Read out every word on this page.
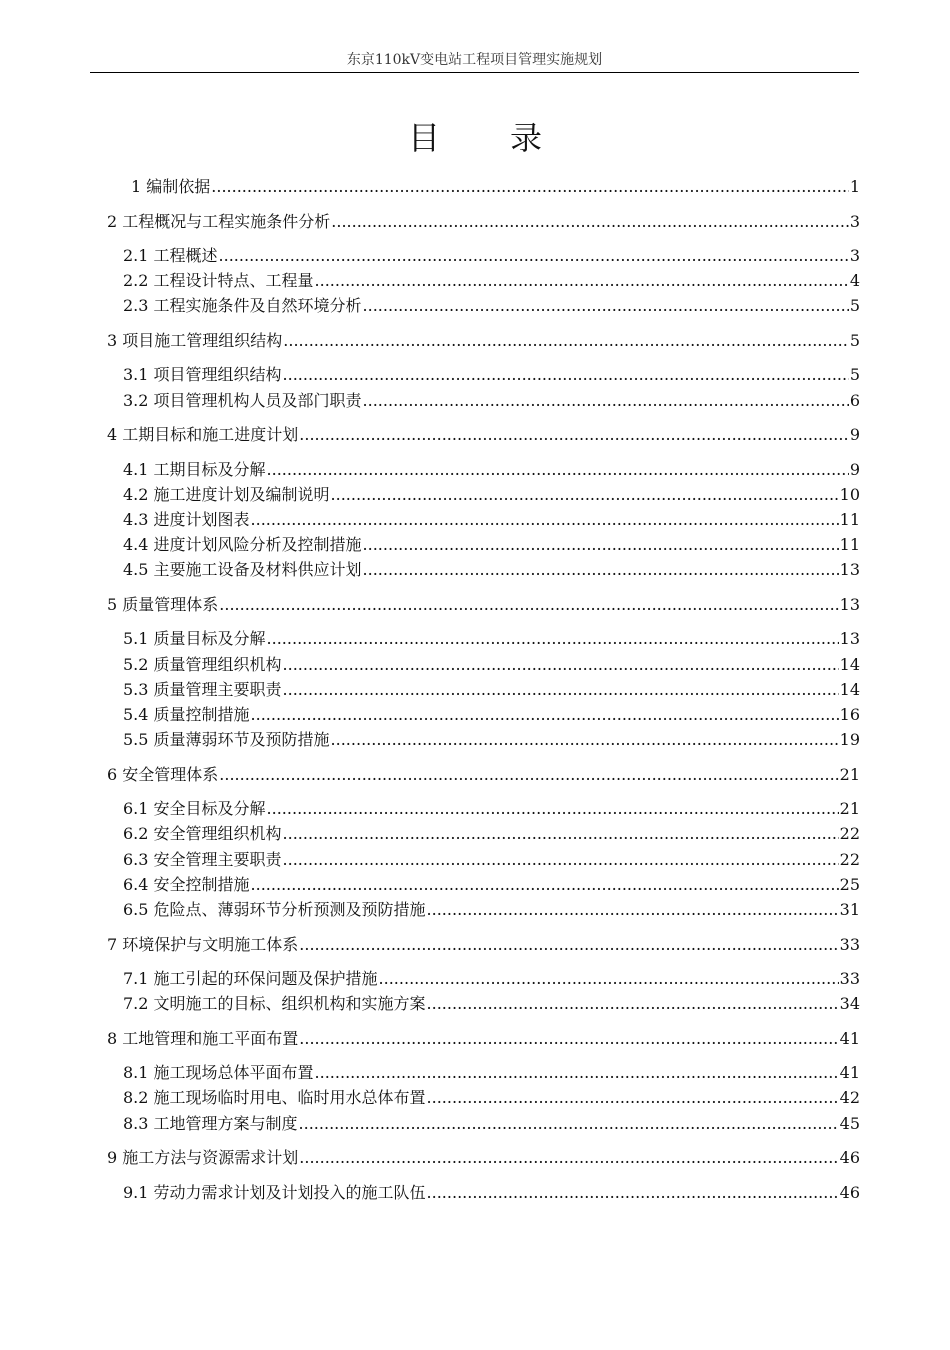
东京110kV变电站工程项目管理实施规划
目录
1 编制依据 .....	1
2 工程概况与工程实施条件分析 .....	3
2.1 工程概述 .....	3
2.2 工程设计特点、工程量 .....	4
2.3 工程实施条件及自然环境分析 .....	5
3 项目施工管理组织结构 .....	5
3.1 项目管理组织结构 .....	5
3.2 项目管理机构人员及部门职责 .....	6
4 工期目标和施工进度计划 .....	9
4.1 工期目标及分解 .....	9
4.2 施工进度计划及编制说明 .....	10
4.3 进度计划图表 .....	11
4.4 进度计划风险分析及控制措施 .....	11
4.5 主要施工设备及材料供应计划 .....	13
5 质量管理体系 .....	13
5.1 质量目标及分解 .....	13
5.2 质量管理组织机构 .....	14
5.3 质量管理主要职责 .....	14
5.4 质量控制措施 .....	16
5.5 质量薄弱环节及预防措施 .....	19
6 安全管理体系 .....	21
6.1 安全目标及分解 .....	21
6.2 安全管理组织机构 .....	22
6.3 安全管理主要职责 .....	22
6.4 安全控制措施 .....	25
6.5 危险点、薄弱环节分析预测及预防措施 .....	31
7 环境保护与文明施工体系 .....	33
7.1 施工引起的环保问题及保护措施 .....	33
7.2 文明施工的目标、组织机构和实施方案 .....	34
8 工地管理和施工平面布置 .....	41
8.1 施工现场总体平面布置 .....	41
8.2 施工现场临时用电、临时用水总体布置 .....	42
8.3 工地管理方案与制度 .....	45
9 施工方法与资源需求计划 .....	46
9.1 劳动力需求计划及计划投入的施工队伍 .....	46
